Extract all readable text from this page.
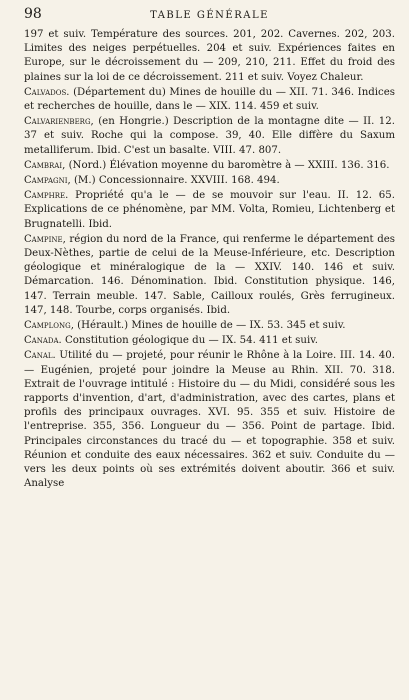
98	TABLE GÉNÉRALE

197 et suiv. Température des sources. 201, 202. Cavernes. 202, 203. Limites des neiges perpétuelles. 204 et suiv. Expériences faites en Europe, sur le décroissement du — 209, 210, 211. Effet du froid des plaines sur la loi de ce décroissement. 211 et suiv. Voyez Chaleur.

Calvados. (Département du) Mines de houille du — XII. 71. 346. Indices et recherches de houille, dans le — XIX. 114. 459 et suiv.

Calvarienberg, (en Hongrie.) Description de la montagne dite — II. 12. 37 et suiv. Roche qui la compose. 39, 40. Elle diffère du Saxum metalliferum. Ibid. C'est un basalte. VIII. 47. 807.

Cambrai, (Nord.) Élévation moyenne du baromètre à — XXIII. 136. 316.

Campagni, (M.) Concessionnaire. XXVIII. 168. 494.

Camphre. Propriété qu'a le — de se mouvoir sur l'eau. II. 12. 65. Explications de ce phénomène, par MM. Volta, Romieu, Lichtenberg et Brugnatelli. Ibid.

Campine, région du nord de la France, qui renferme le département des Deux-Nèthes, partie de celui de la Meuse-Inférieure, etc. Description géologique et minéralogique de la — XXIV. 140. 146 et suiv. Démarcation. 146. Dénomination. Ibid. Constitution physique. 146, 147. Terrain meuble. 147. Sable, Cailloux roulés, Grès ferrugineux. 147, 148. Tourbe, corps organisés. Ibid.

Camplong, (Hérault.) Mines de houille de — IX. 53. 345 et suiv.

Canada. Constitution géologique du — IX. 54. 411 et suiv.

Canal. Utilité du — projeté, pour réunir le Rhône à la Loire. III. 14. 40. — Eugénien, projeté pour joindre la Meuse au Rhin. XII. 70. 318. Extrait de l'ouvrage intitulé : Histoire du — du Midi, considéré sous les rapports d'invention, d'art, d'administration, avec des cartes, plans et profils des principaux ouvrages. XVI. 95. 355 et suiv. Histoire de l'entreprise. 355, 356. Longueur du — 356. Point de partage. Ibid. Principales circonstances du tracé du — et topographie. 358 et suiv. Réunion et conduite des eaux nécessaires. 362 et suiv. Conduite du — vers les deux points où ses extrémités doivent aboutir. 366 et suiv. Analyse
